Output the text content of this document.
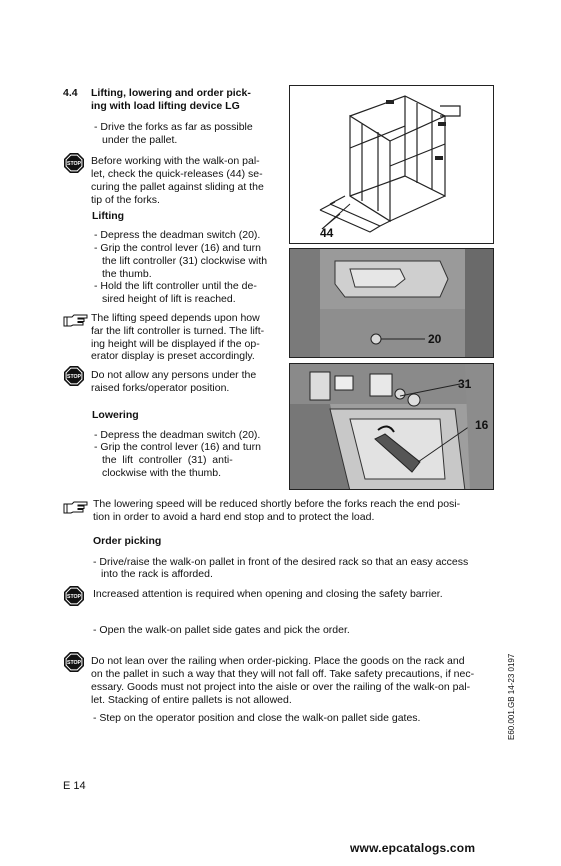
4.4 Lifting, lowering and order pick-
ing with load lifting device LG
- Drive the forks as far as possible
under the pallet.
STOP Before working with the walk-on pal-
let, check the quick-releases (44) se-
curing the pallet against sliding at the
tip of the forks.
Lifting
- Depress the deadman switch (20).
- Grip the control lever (16) and turn
the lift controller (31) clockwise with
the thumb.
- Hold the lift controller until the de-
sired height of lift is reached.
The lifting speed depends upon how
far the lift controller is turned. The lift-
ing height will be displayed if the op-
erator display is preset accordingly.
STOP Do not allow any persons under the
raised forks/operator position.
Lowering
- Depress the deadman switch (20).
- Grip the control lever (16) and turn
the  lift  controller  (31)  anti-
clockwise with the thumb.
The lowering speed will be reduced shortly before the forks reach the end posi-
tion in order to avoid a hard end stop and to protect the load.
Order picking
- Drive/raise the walk-on pallet in front of the desired rack so that an easy access
into the rack is afforded.
STOP Increased attention is required when opening and closing the safety barrier.
- Open the walk-on pallet side gates and pick the order.
STOP Do not lean over the railing when order-picking. Place the goods on the rack and
on the pallet in such a way that they will not fall off. Take safety precautions, if nec-
essary. Goods must not project into the aisle or over the railing of the walk-on pal-
let. Stacking of entire pallets is not allowed.
- Step on the operator position and close the walk-on pallet side gates.
44
20
31
16
E60.001.GB 14-23 0197
E 14
www.epcatalogs.com
